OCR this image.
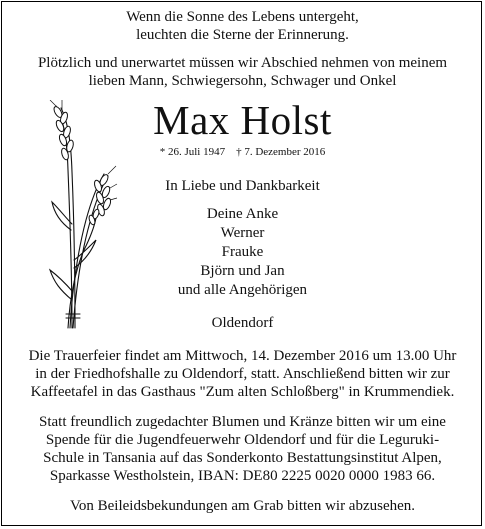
Wenn die Sonne des Lebens untergeht,
leuchten die Sterne der Erinnerung.
Plötzlich und unerwartet müssen wir Abschied nehmen von meinem
lieben Mann, Schwiegersohn, Schwager und Onkel
Max Holst
* 26. Juli 1947 † 7. Dezember 2016
In Liebe und Dankbarkeit
Deine Anke
Werner
Frauke
Björn und Jan
und alle Angehörigen
Oldendorf
Die Trauerfeier findet am Mittwoch, 14. Dezember 2016 um 13.00 Uhr
in der Friedhofshalle zu Oldendorf, statt. Anschließend bitten wir zur
Kaffeetafel in das Gasthaus "Zum alten Schloßberg" in Krummendiek.
Statt freundlich zugedachter Blumen und Kränze bitten wir um eine
Spende für die Jugendfeuerwehr Oldendorf und für die Leguruki-
Schule in Tansania auf das Sonderkonto Bestattungsinstitut Alpen,
Sparkasse Westholstein, IBAN: DE80 2225 0020 0000 1983 66.
Von Beileidsbekundungen am Grab bitten wir abzusehen.
